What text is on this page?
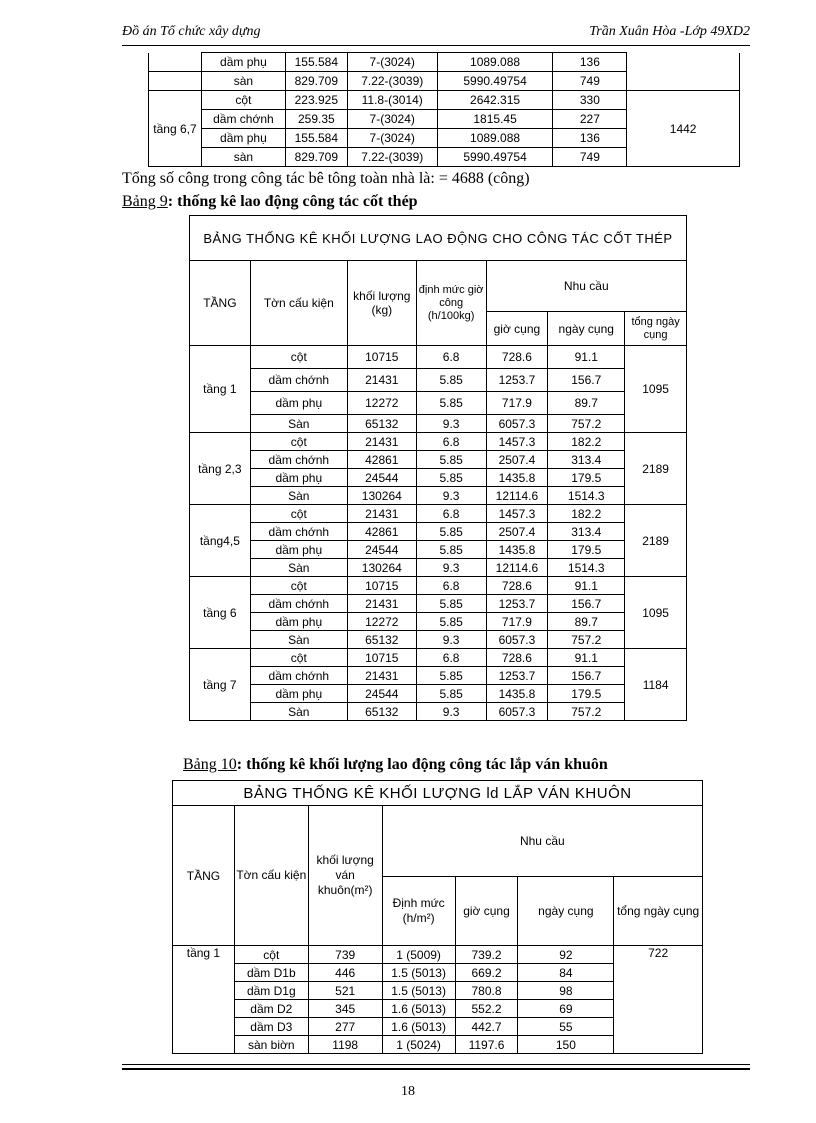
Đồ án Tổ chức xây dựng	Trần Xuân Hòa -Lớp 49XD2
	dầm phụ	155.584	7-(3024)	1089.088	136	
	sàn	829.709	7.22-(3039)	5990.49754	749	
tầng 6,7	cột	223.925	11.8-(3014)	2642.315	330	1442
	dầm chớnh	259.35	7-(3024)	1815.45	227	
	dầm phụ	155.584	7-(3024)	1089.088	136	
	sàn	829.709	7.22-(3039)	5990.49754	749	
Tổng số công trong công tác bê tông toàn nhà là: = 4688 (công)
Bảng 9: thống kê lao động công tác cốt thép
BẢNG THỐNG KÊ KHỐI LƯỢNG LAO ĐỘNG CHO CÔNG TÁC CỐT THÉP						
TẦNG	Tờn cấu kiện	khối lượng (kg)	định mức giờ công (h/100kg)	Nhu cầu		
				giờ cụng	ngày cụng	tổng ngày cụng
tầng 1	cột	10715	6.8	728.6	91.1	1095
	dầm chớnh	21431	5.85	1253.7	156.7	
	dầm phụ	12272	5.85	717.9	89.7	
	Sàn	65132	9.3	6057.3	757.2	
tầng 2,3	cột	21431	6.8	1457.3	182.2	2189
	dầm chớnh	42861	5.85	2507.4	313.4	
	dầm phụ	24544	5.85	1435.8	179.5	
	Sàn	130264	9.3	12114.6	1514.3	
tầng4,5	cột	21431	6.8	1457.3	182.2	2189
	dầm chớnh	42861	5.85	2507.4	313.4	
	dầm phụ	24544	5.85	1435.8	179.5	
	Sàn	130264	9.3	12114.6	1514.3	
tầng 6	cột	10715	6.8	728.6	91.1	1095
	dầm chớnh	21431	5.85	1253.7	156.7	
	dầm phụ	12272	5.85	717.9	89.7	
	Sàn	65132	9.3	6057.3	757.2	
tầng 7	cột	10715	6.8	728.6	91.1	1184
	dầm chớnh	21431	5.85	1253.7	156.7	
	dầm phụ	24544	5.85	1435.8	179.5	
	Sàn	65132	9.3	6057.3	757.2	
Bảng 10: thống kê khối lượng lao động công tác lắp ván khuôn
BẢNG THỐNG KÊ KHỐI LƯỢNG ld LẮP VÁN KHUÔN						
TẦNG	Tờn cấu kiện	khối lượng ván khuôn(m²)	Nhu cầu			
			Định mức (h/m²)	giờ cụng	ngày cụng	tổng ngày cụng
tầng 1	cột	739	1 (5009)	739.2	92	722
	dầm D1b	446	1.5 (5013)	669.2	84	
	dầm D1g	521	1.5 (5013)	780.8	98	
	dầm D2	345	1.6 (5013)	552.2	69	
	dầm D3	277	1.6 (5013)	442.7	55	
	sàn biờn	1198	1 (5024)	1197.6	150	
18
